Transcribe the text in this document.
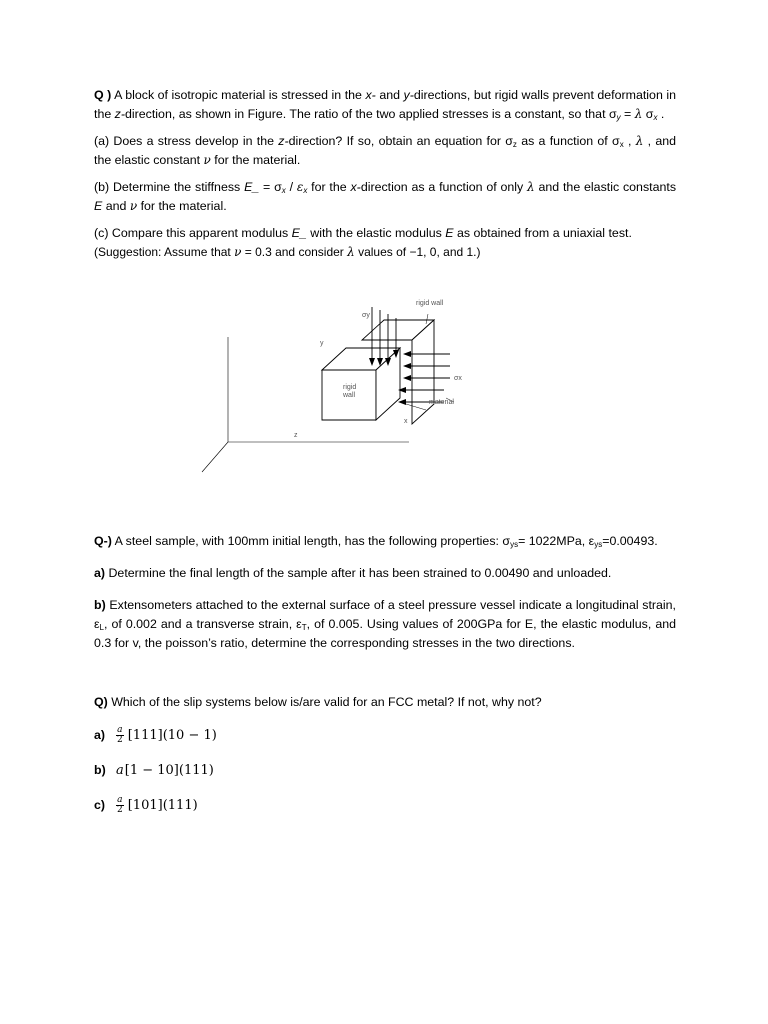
Q ) A block of isotropic material is stressed in the x- and y-directions, but rigid walls prevent deformation in the z-direction, as shown in Figure. The ratio of the two applied stresses is a constant, so that $\sigma_y = \lambda$ $\sigma_x$ .

(a) Does a stress develop in the z-direction? If so, obtain an equation for $\sigma_z$ as a function of $\sigma_x$ , λ , and the elastic constant ν for the material.

(b) Determine the stiffness E_ = $\sigma_x / \varepsilon_x$ for the x-direction as a function of only λ and the elastic constants E and ν for the material.

(c) Compare this apparent modulus E_ with the elastic modulus E as obtained from a uniaxial test.

(Suggestion: Assume that ν = 0.3 and consider λ values of −1, 0, and 1.)

rigid wall
σy
y
σx
rigid
wall
material
x
z

Q-) A steel sample, with 100mm initial length, has the following properties: $\sigma_{ys}= 1022MPa$, $\varepsilon_{ys}=0.00493$.

a) Determine the final length of the sample after it has been strained to 0.00490 and unloaded.

b) Extensometers attached to the external surface of a steel pressure vessel indicate a longitudinal strain, $\varepsilon_L$, of 0.002 and a transverse strain, $\varepsilon_T$, of 0.005. Using values of 200GPa for E, the elastic modulus, and 0.3 for v, the poisson’s ratio, determine the corresponding stresses in the two directions.

Q) Which of the slip systems below is/are valid for an FCC metal? If not, why not?

a)	$\frac{a}{2} [111] (10 - 1)$
b) a [1 − 10] (111)
c)	$\frac{a}{2} [101]$ (111)
